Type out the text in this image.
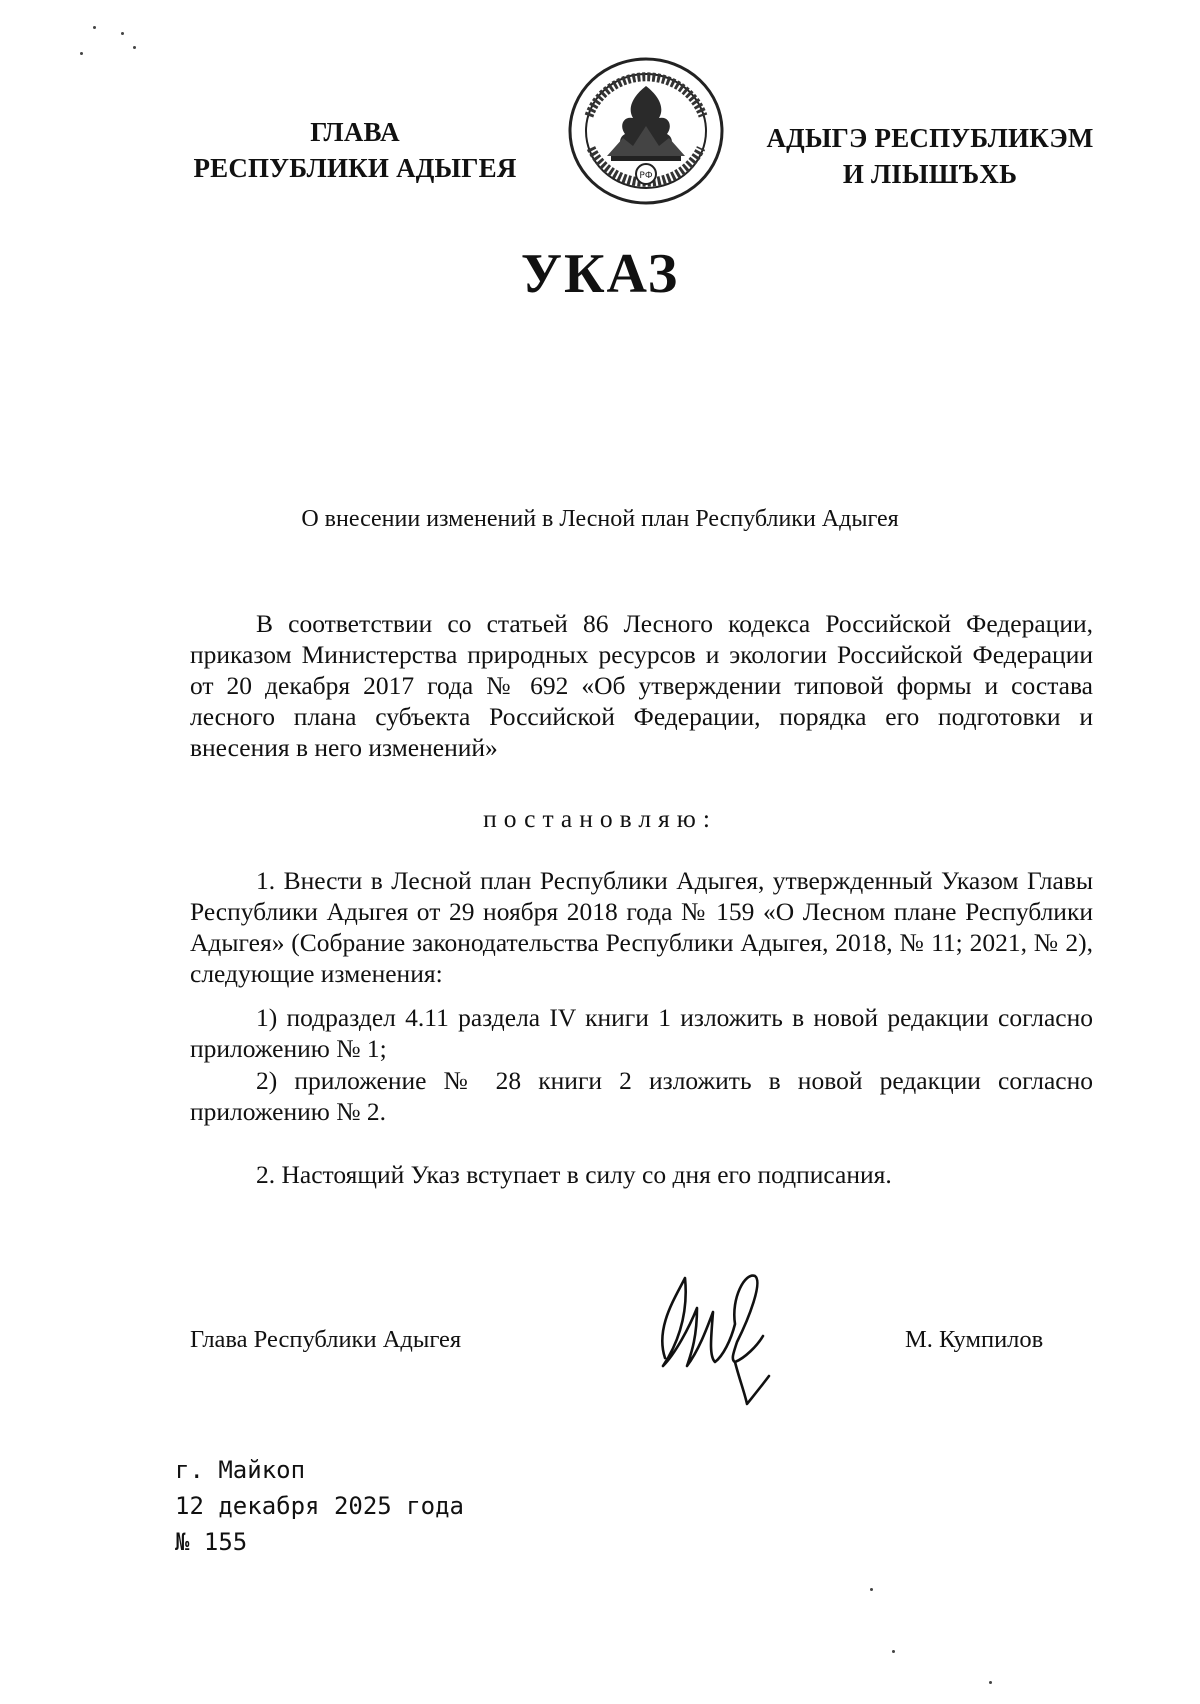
ГЛАВА
РЕСПУБЛИКИ АДЫГЕЯ	РФ
АДЫГЭ РЕСПУБЛИКЭМ
И ЛІЫШЪХЬ
УКАЗ
О внесении изменений в Лесной план Республики Адыгея
В соответствии со статьей 86 Лесного кодекса Российской Федерации, приказом Министерства природных ресурсов и экологии Российской Федерации от 20 декабря 2017 года № 692 «Об утверждении типовой формы и состава лесного плана субъекта Российской Федерации, порядка его подготовки и внесения в него изменений»
постановляю:
1. Внести в Лесной план Республики Адыгея, утвержденный Указом Главы Республики Адыгея от 29 ноября 2018 года № 159 «О Лесном плане Республики Адыгея» (Собрание законодательства Республики Адыгея, 2018, № 11; 2021, № 2), следующие изменения:
1) подраздел 4.11 раздела IV книги 1 изложить в новой редакции согласно приложению № 1;
2) приложение № 28 книги 2 изложить в новой редакции согласно приложению № 2.
2. Настоящий Указ вступает в силу со дня его подписания.
Глава Республики Адыгея	М. Кумпилов
г. Майкоп
12 декабря 2025 года
№ 155
